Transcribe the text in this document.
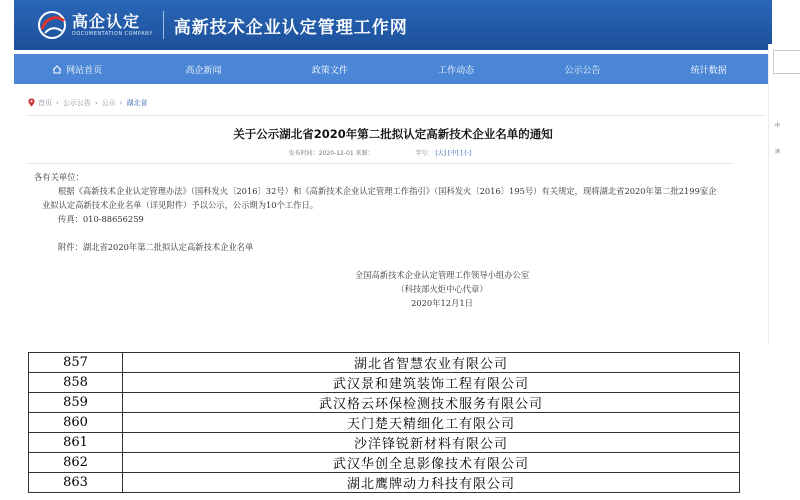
高企认定
DOCUMENTATION COMPANY 高新技术企业认定管理工作网
网站首页	高企新闻	政策文件	工作动态	公示公告	统计数据
首页 › 公示公告 › 公示 › 湖北省
关于公示湖北省2020年第二批拟认定高新技术企业名单的通知
发布时间：2020-12-01 来源：	字号： [大] [中] [小]

各有关单位：

根据《高新技术企业认定管理办法》（国科发火〔2016〕32号）和《高新技术企业认定管理工作指引》（国科发火〔2016〕195号）有关规定，现将湖北省2020年第二批2199家企业拟认定高新技术企业名单（详见附件）予以公示，公示期为10个工作日。

传真：010-88656259

附件：湖北省2020年第二批拟认定高新技术企业名单

全国高新技术企业认定管理工作领导小组办公室

（科技部火炬中心代章）

2020年12月1日

申
读
857	湖北省智慧农业有限公司
858	武汉景和建筑装饰工程有限公司
859	武汉格云环保检测技术服务有限公司
860	天门楚天精细化工有限公司
861	沙洋锋锐新材料有限公司
862	武汉华创全息影像技术有限公司
863	湖北鹰牌动力科技有限公司
